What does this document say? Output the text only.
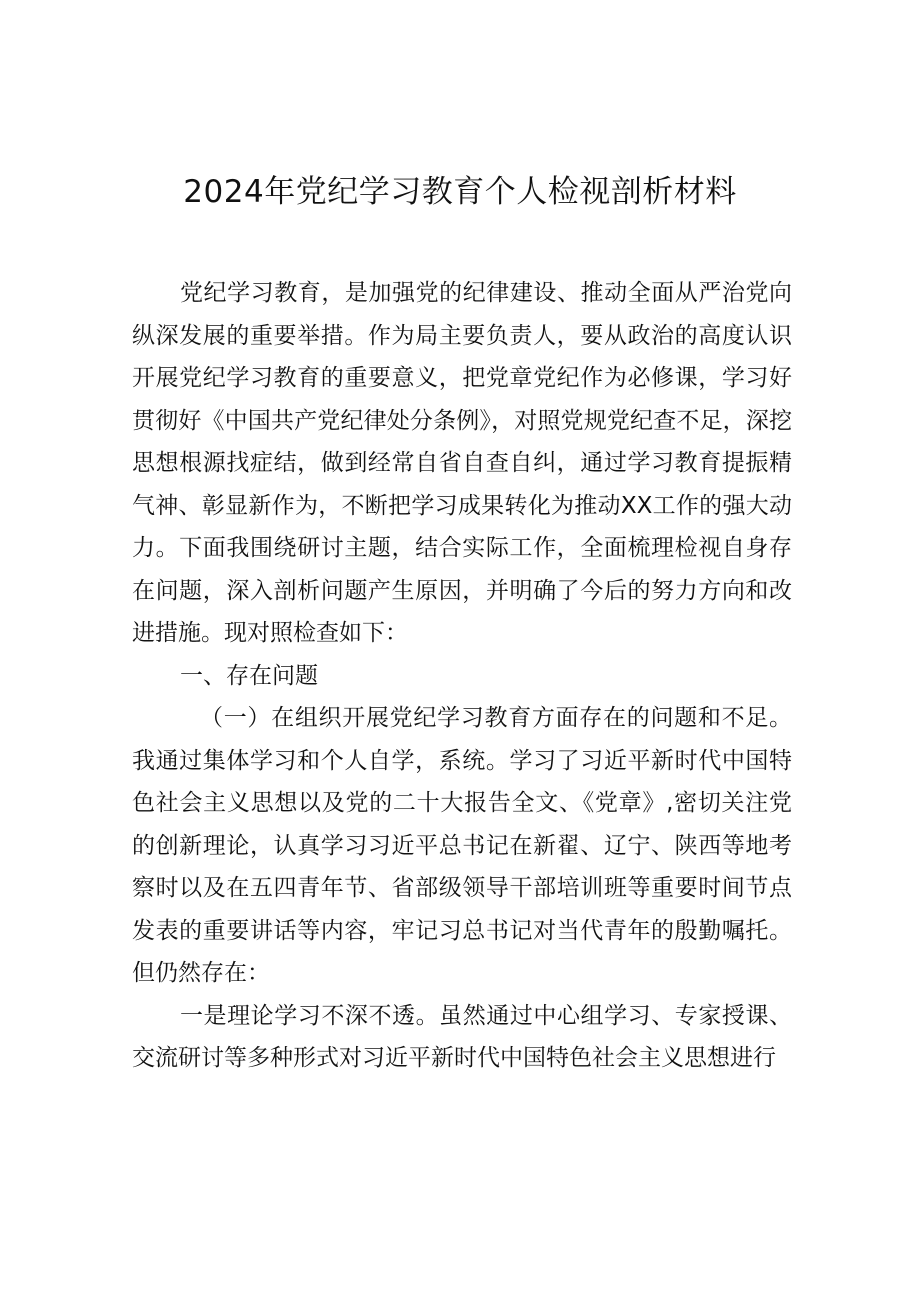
2024年党纪学习教育个人检视剖析材料

党纪学习教育，是加强党的纪律建设、推动全面从严治党向纵深发展的重要举措。作为局主要负责人，要从政治的高度认识开展党纪学习教育的重要意义，把党章党纪作为必修课，学习好贯彻好《中国共产党纪律处分条例》，对照党规党纪查不足，深挖思想根源找症结，做到经常自省自查自纠，通过学习教育提振精气神、彰显新作为，不断把学习成果转化为推动XX工作的强大动力。下面我围绕研讨主题，结合实际工作，全面梳理检视自身存在问题，深入剖析问题产生原因，并明确了今后的努力方向和改进措施。现对照检查如下：

一、存在问题

（一）在组织开展党纪学习教育方面存在的问题和不足。我通过集体学习和个人自学，系统。学习了习近平新时代中国特色社会主义思想以及党的二十大报告全文、《党章》,密切关注党的创新理论，认真学习习近平总书记在新翟、辽宁、陕西等地考察时以及在五四青年节、省部级领导干部培训班等重要时间节点发表的重要讲话等内容，牢记习总书记对当代青年的殷勤嘱托。但仍然存在：

一是理论学习不深不透。虽然通过中心组学习、专家授课、交流研讨等多种形式对习近平新时代中国特色社会主义思想进行
